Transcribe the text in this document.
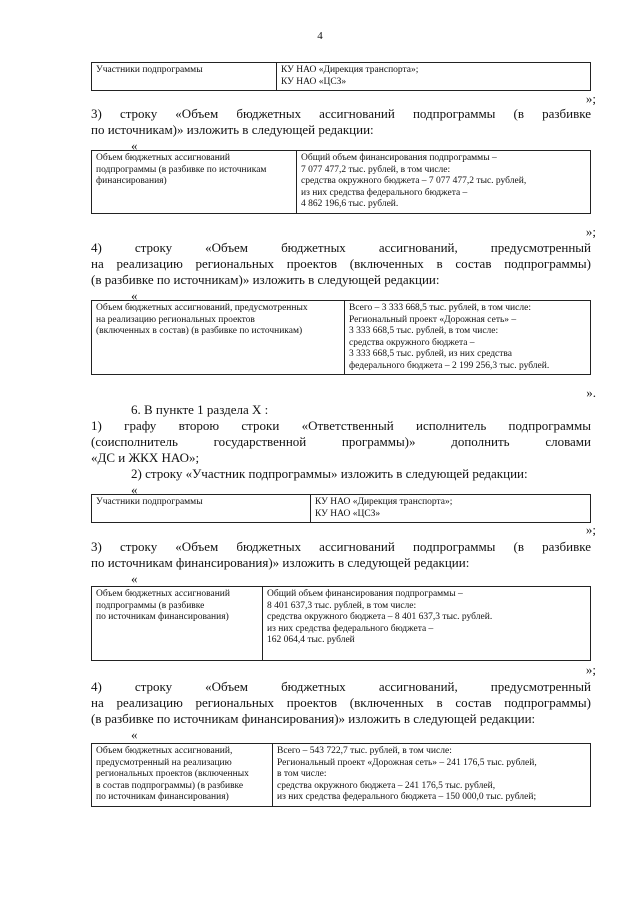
4
Участники подпрограммы	КУ НАО «Дирекция транспорта»;
КУ НАО «ЦСЗ»
»;
3) строку «Объем бюджетных ассигнований подпрограммы (в разбивке
по источникам)» изложить в следующей редакции:
«
Объем бюджетных ассигнований
подпрограммы (в разбивке по источникам
финансирования)

Общий объем финансирования подпрограммы –
7 077 477,2 тыс. рублей, в том числе:
средства окружного бюджета – 7 077 477,2 тыс. рублей,
из них средства федерального бюджета –
4 862 196,6 тыс. рублей.
»;
4) строку «Объем бюджетных ассигнований, предусмотренный
на реализацию региональных проектов (включенных в состав подпрограммы)
(в разбивке по источникам)» изложить в следующей редакции:
«
Объем бюджетных ассигнований, предусмотренных
на реализацию региональных проектов
(включенных в состав) (в разбивке по источникам)

Всего – 3 333 668,5 тыс. рублей, в том числе:
Региональный проект «Дорожная сеть» –
3 333 668,5 тыс. рублей, в том числе:
средства окружного бюджета –
3 333 668,5 тыс. рублей, из них средства
федерального бюджета – 2 199 256,3 тыс. рублей.
».
6. В пункте 1 раздела X :
1) графу второю строки «Ответственный исполнитель подпрограммы
(соисполнитель государственной программы)» дополнить словами
«ДС и ЖКХ НАО»;
2) строку «Участник подпрограммы» изложить в следующей редакции:
«
Участники подпрограммы	КУ НАО «Дирекция транспорта»;
КУ НАО «ЦСЗ»
»;
3) строку «Объем бюджетных ассигнований подпрограммы (в разбивке
по источникам финансирования)» изложить в следующей редакции:
«
Объем бюджетных ассигнований
подпрограммы (в разбивке
по источникам финансирования)

Общий объем финансирования подпрограммы –
8 401 637,3 тыс. рублей, в том числе:
средства окружного бюджета – 8 401 637,3 тыс. рублей.
из них средства федерального бюджета –
162 064,4 тыс. рублей

»;
4) строку «Объем бюджетных ассигнований, предусмотренный
на реализацию региональных проектов (включенных в состав подпрограммы)
(в разбивке по источникам финансирования)» изложить в следующей редакции:
«
Объем бюджетных ассигнований,
предусмотренный на реализацию
региональных проектов (включенных
в состав подпрограммы) (в разбивке
по источникам финансирования)

Всего – 543 722,7 тыс. рублей, в том числе:
Региональный проект «Дорожная сеть» – 241 176,5 тыс. рублей,
в том числе:
средства окружного бюджета – 241 176,5 тыс. рублей,
из них средства федерального бюджета – 150 000,0 тыс. рублей;
